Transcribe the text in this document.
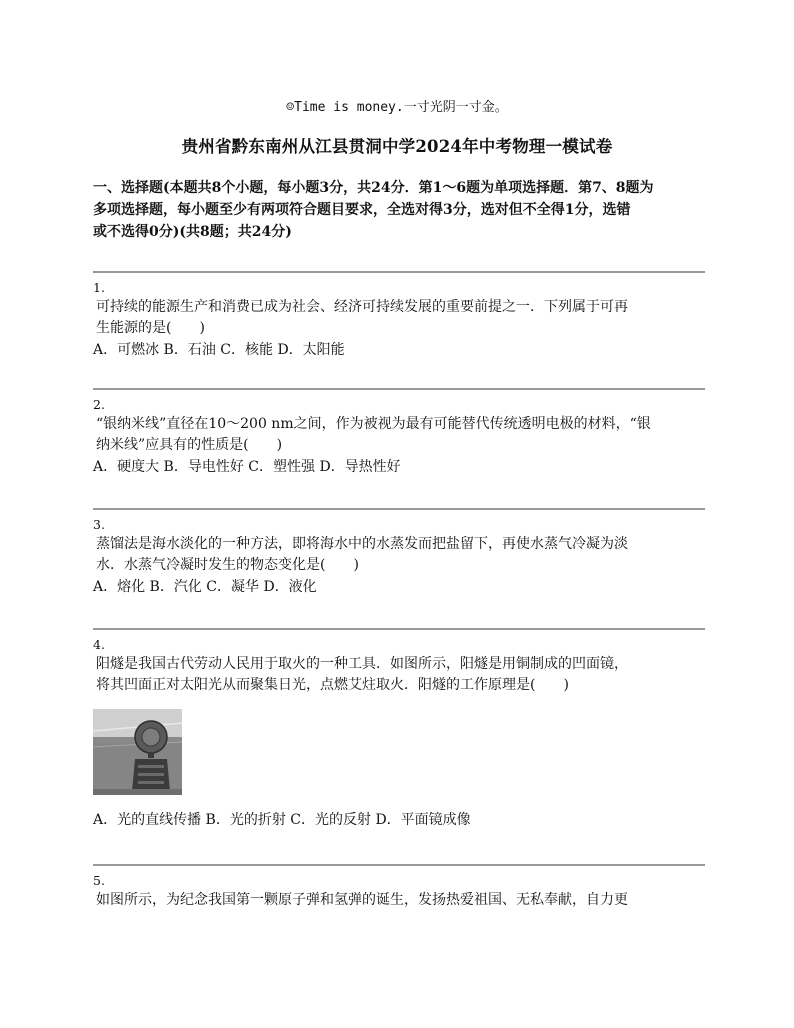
☺Time is money.一寸光阴一寸金。
贵州省黔东南州从江县贯洞中学2024年中考物理一模试卷
一、选择题(本题共8个小题，每小题3分，共24分．第1～6题为单项选择题．第7、8题为
多项选择题，每小题至少有两项符合题目要求，全选对得3分，选对但不全得1分，选错
或不选得0分)(共8题；共24分)
1.
可持续的能源生产和消费已成为社会、经济可持续发展的重要前提之一．下列属于可再
生能源的是(　　)
A．可燃冰 B．石油 C．核能 D．太阳能
2.
“银纳米线”直径在10～200 nm之间，作为被视为最有可能替代传统透明电极的材料，“银
纳米线”应具有的性质是(　　)
A．硬度大 B．导电性好 C．塑性强 D．导热性好
3.
蒸馏法是海水淡化的一种方法，即将海水中的水蒸发而把盐留下，再使水蒸气冷凝为淡
水．水蒸气冷凝时发生的物态变化是(　　)
A．熔化 B．汽化 C．凝华 D．液化
4.
阳燧是我国古代劳动人民用于取火的一种工具．如图所示，阳燧是用铜制成的凹面镜，
将其凹面正对太阳光从而聚集日光，点燃艾炷取火．阳燧的工作原理是(　　)
A．光的直线传播 B．光的折射 C．光的反射 D．平面镜成像
5.
如图所示，为纪念我国第一颗原子弹和氢弹的诞生，发扬热爱祖国、无私奉献，自力更
